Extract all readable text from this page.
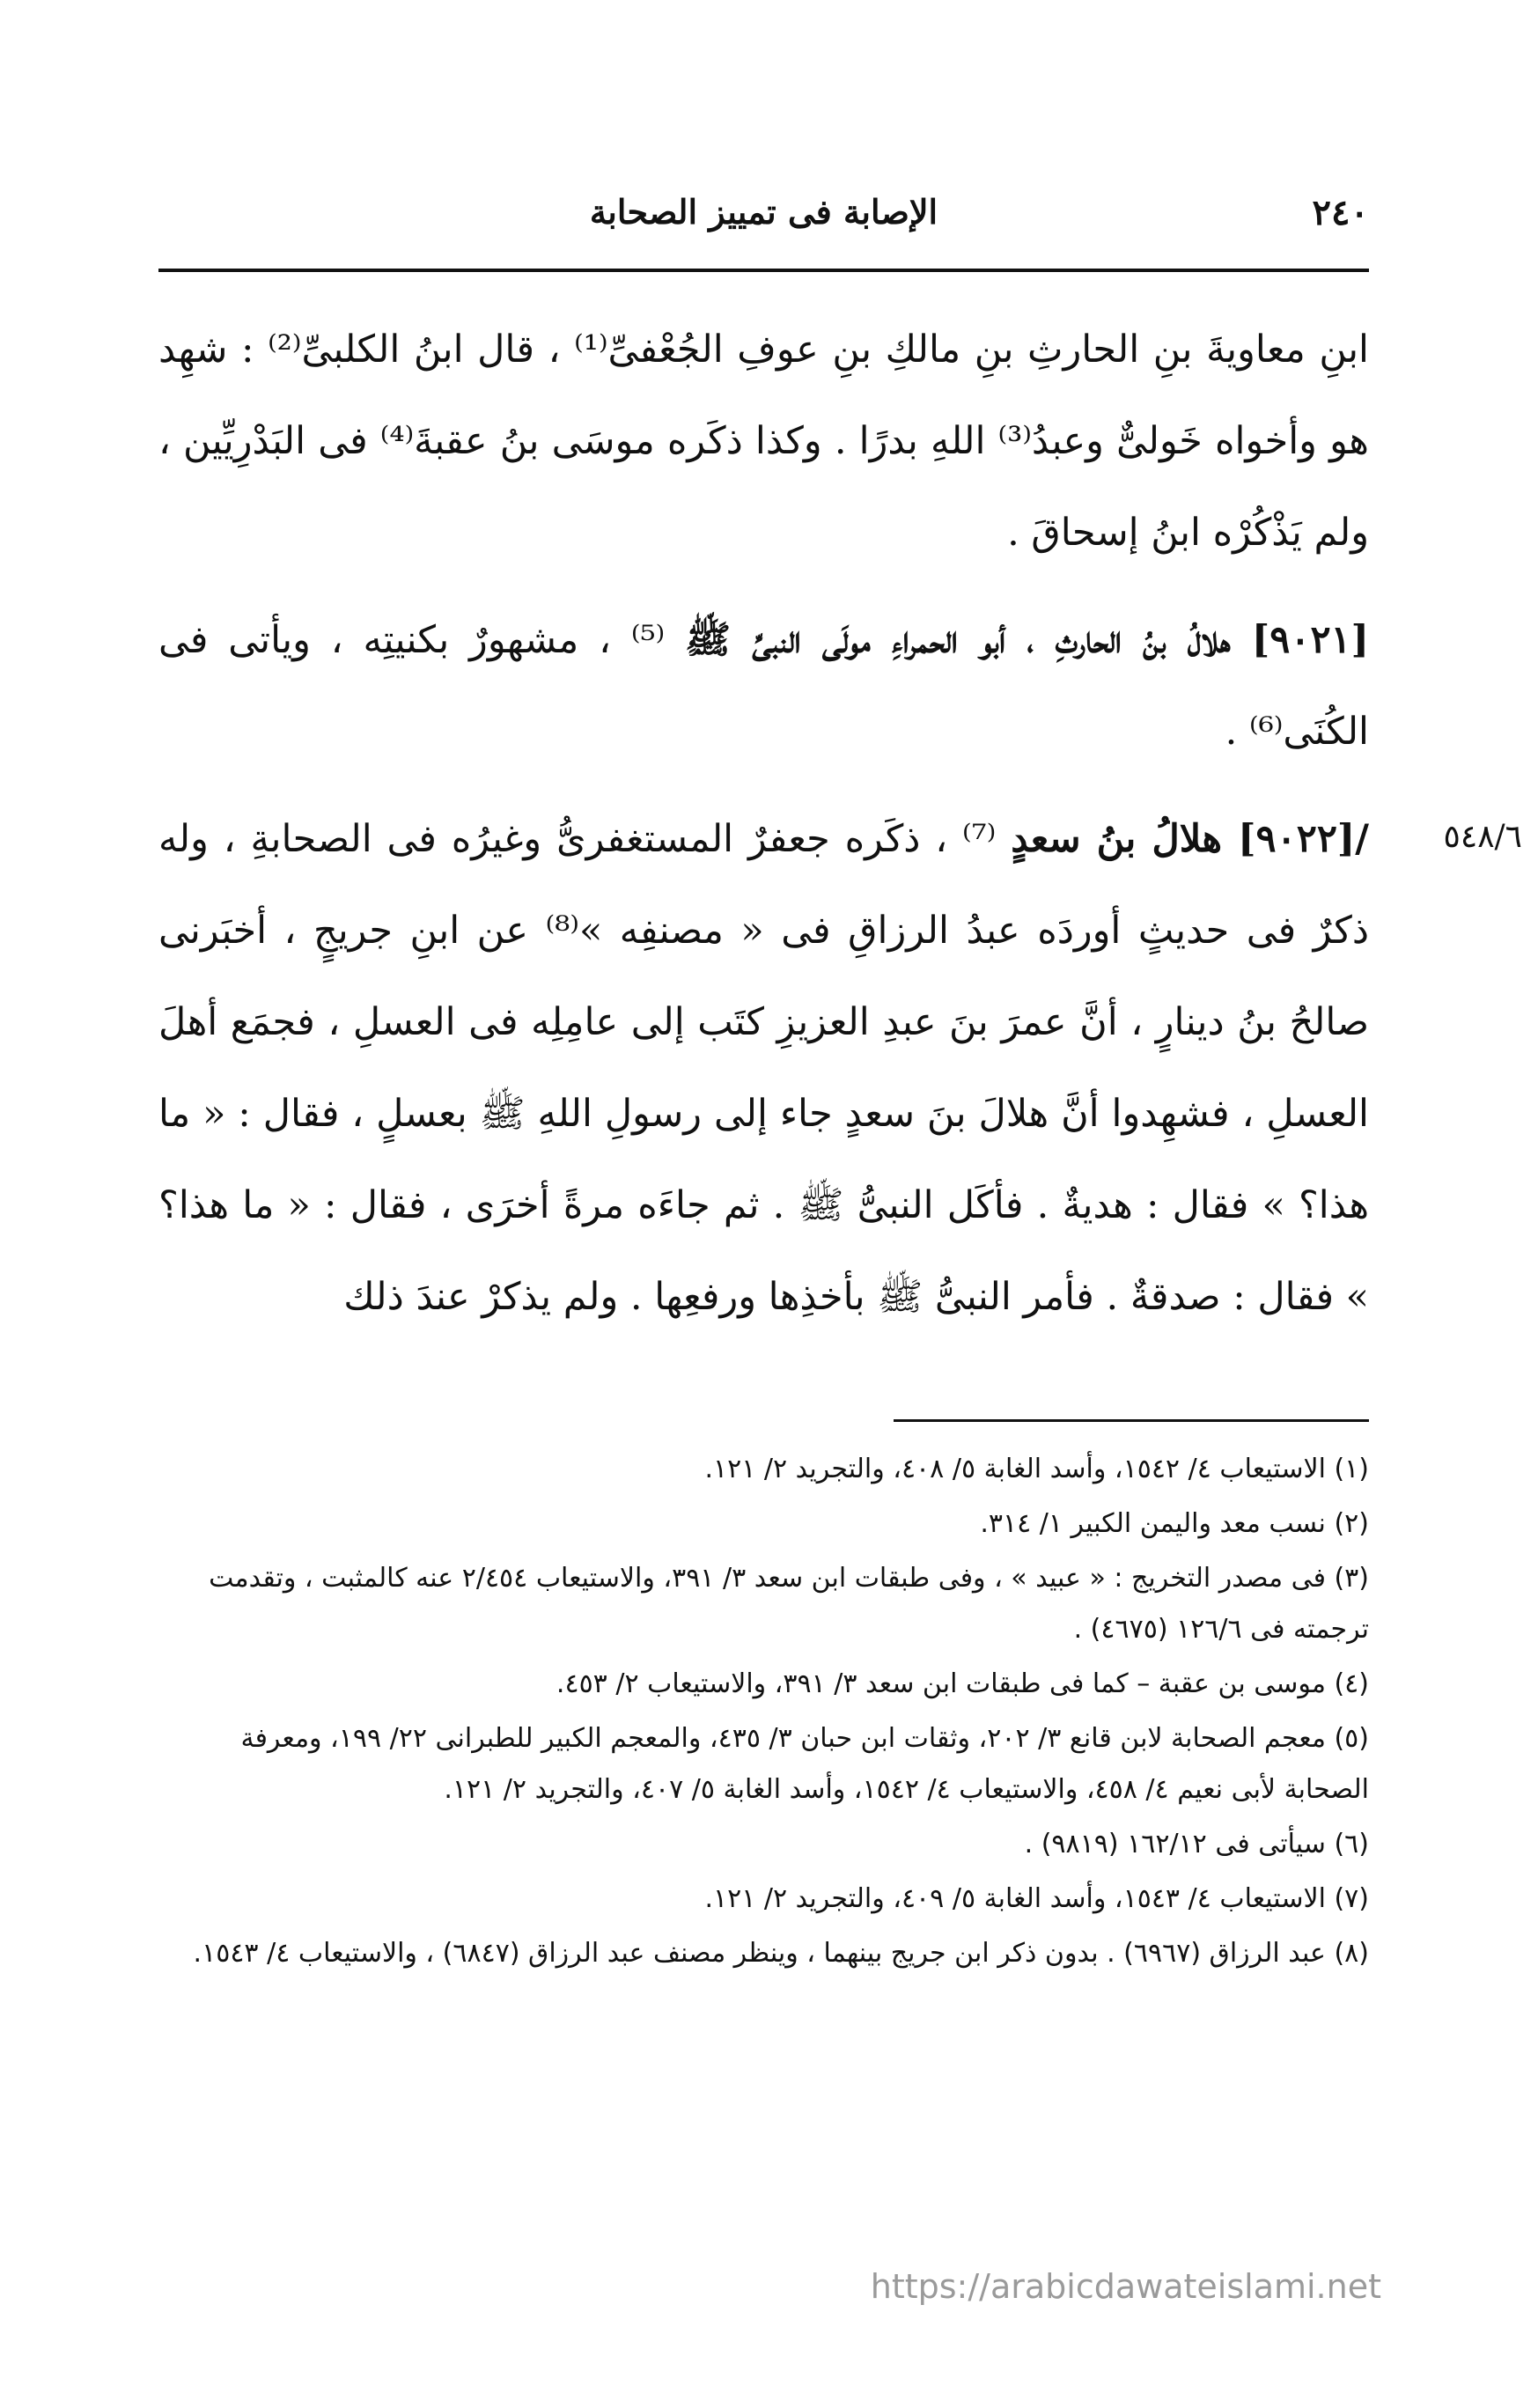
٢٤٠
الإصابة فى تمييز الصحابة
٥٤٨/٦

ابنِ معاويةَ بنِ الحارثِ بنِ مالكِ بنِ عوفِ الجُعْفىِّ⁽¹⁾ ، قال ابنُ الكلبىِّ⁽²⁾ : شهِد هو وأخواه خَولىٌّ وعبدُ⁽³⁾ اللهِ بدرًا . وكذا ذكَره موسَى بنُ عقبةَ⁽⁴⁾ فى البَدْرِيِّين ، ولم يَذْكُرْه ابنُ إسحاقَ .

[٩٠٢١] هلالُ بنُ الحارثِ ، أبو الحمراءِ مولَى النبىِّ ﷺ ⁽⁵⁾ ، مشهورٌ بكنيتِه ، ويأتى فى الكُنَى⁽⁶⁾ .

/[٩٠٢٢] هلالُ بنُ سعدٍ ⁽⁷⁾ ، ذكَره جعفرٌ المستغفرىُّ وغيرُه فى الصحابةِ ، وله ذكرٌ فى حديثٍ أوردَه عبدُ الرزاقِ فى « مصنفِه »⁽⁸⁾ عن ابنِ جريجٍ ، أخبَرنى صالحُ بنُ دينارٍ ، أنَّ عمرَ بنَ عبدِ العزيزِ كتَب إلى عامِلِه فى العسلِ ، فجمَع أهلَ العسلِ ، فشهِدوا أنَّ هلالَ بنَ سعدٍ جاء إلى رسولِ اللهِ ﷺ بعسلٍ ، فقال : « ما هذا؟ » فقال : هديةٌ . فأكَل النبىُّ ﷺ . ثم جاءَه مرةً أخرَى ، فقال : « ما هذا؟ » فقال : صدقةٌ . فأمر النبىُّ ﷺ بأخذِها ورفعِها . ولم يذكرْ عندَ ذلك

(١) الاستيعاب ٤/ ١٥٤٢، وأسد الغابة ٥/ ٤٠٨، والتجريد ٢/ ١٢١.

(٢) نسب معد واليمن الكبير ١/ ٣١٤.

(٣) فى مصدر التخريج : « عبيد » ، وفى طبقات ابن سعد ٣/ ٣٩١، والاستيعاب ٢/٤٥٤ عنه كالمثبت ، وتقدمت ترجمته فى ١٢٦/٦ (٤٦٧٥) .

(٤) موسى بن عقبة – كما فى طبقات ابن سعد ٣/ ٣٩١، والاستيعاب ٢/ ٤٥٣.

(٥) معجم الصحابة لابن قانع ٣/ ٢٠٢، وثقات ابن حبان ٣/ ٤٣٥، والمعجم الكبير للطبرانى ٢٢/ ١٩٩، ومعرفة الصحابة لأبى نعيم ٤/ ٤٥٨، والاستيعاب ٤/ ١٥٤٢، وأسد الغابة ٥/ ٤٠٧، والتجريد ٢/ ١٢١.

(٦) سيأتى فى ١٦٢/١٢ (٩٨١٩) .

(٧) الاستيعاب ٤/ ١٥٤٣، وأسد الغابة ٥/ ٤٠٩، والتجريد ٢/ ١٢١.

(٨) عبد الرزاق (٦٩٦٧) . بدون ذكر ابن جريج بينهما ، وينظر مصنف عبد الرزاق (٦٨٤٧) ، والاستيعاب ٤/ ١٥٤٣.

https://arabicdawateislami.net
